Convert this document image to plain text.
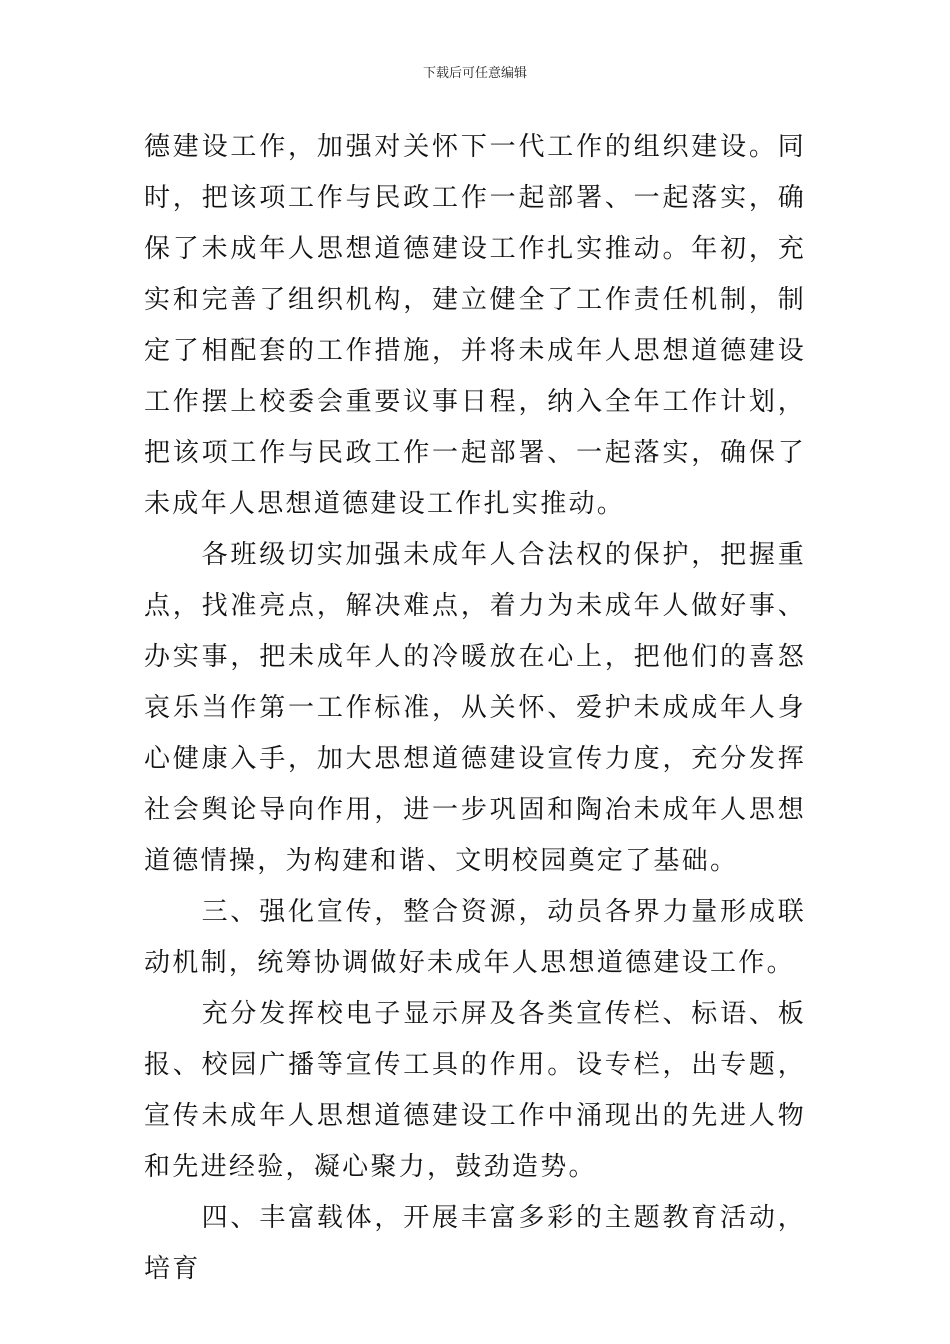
下载后可任意编辑

德建设工作，加强对关怀下一代工作的组织建设。同时，把该项工作与民政工作一起部署、一起落实，确保了未成年人思想道德建设工作扎实推动。年初，充实和完善了组织机构，建立健全了工作责任机制，制定了相配套的工作措施，并将未成年人思想道德建设工作摆上校委会重要议事日程，纳入全年工作计划，把该项工作与民政工作一起部署、一起落实，确保了未成年人思想道德建设工作扎实推动。

　　各班级切实加强未成年人合法权的保护，把握重点，找准亮点，解决难点，着力为未成年人做好事、办实事，把未成年人的冷暖放在心上，把他们的喜怒哀乐当作第一工作标准，从关怀、爱护未成成年人身心健康入手，加大思想道德建设宣传力度，充分发挥社会舆论导向作用，进一步巩固和陶冶未成年人思想道德情操，为构建和谐、文明校园奠定了基础。

　　三、强化宣传，整合资源，动员各界力量形成联动机制，统筹协调做好未成年人思想道德建设工作。

　　充分发挥校电子显示屏及各类宣传栏、标语、板报、校园广播等宣传工具的作用。设专栏，出专题，宣传未成年人思想道德建设工作中涌现出的先进人物和先进经验，凝心聚力，鼓劲造势。

　　四、丰富载体，开展丰富多彩的主题教育活动，培育
